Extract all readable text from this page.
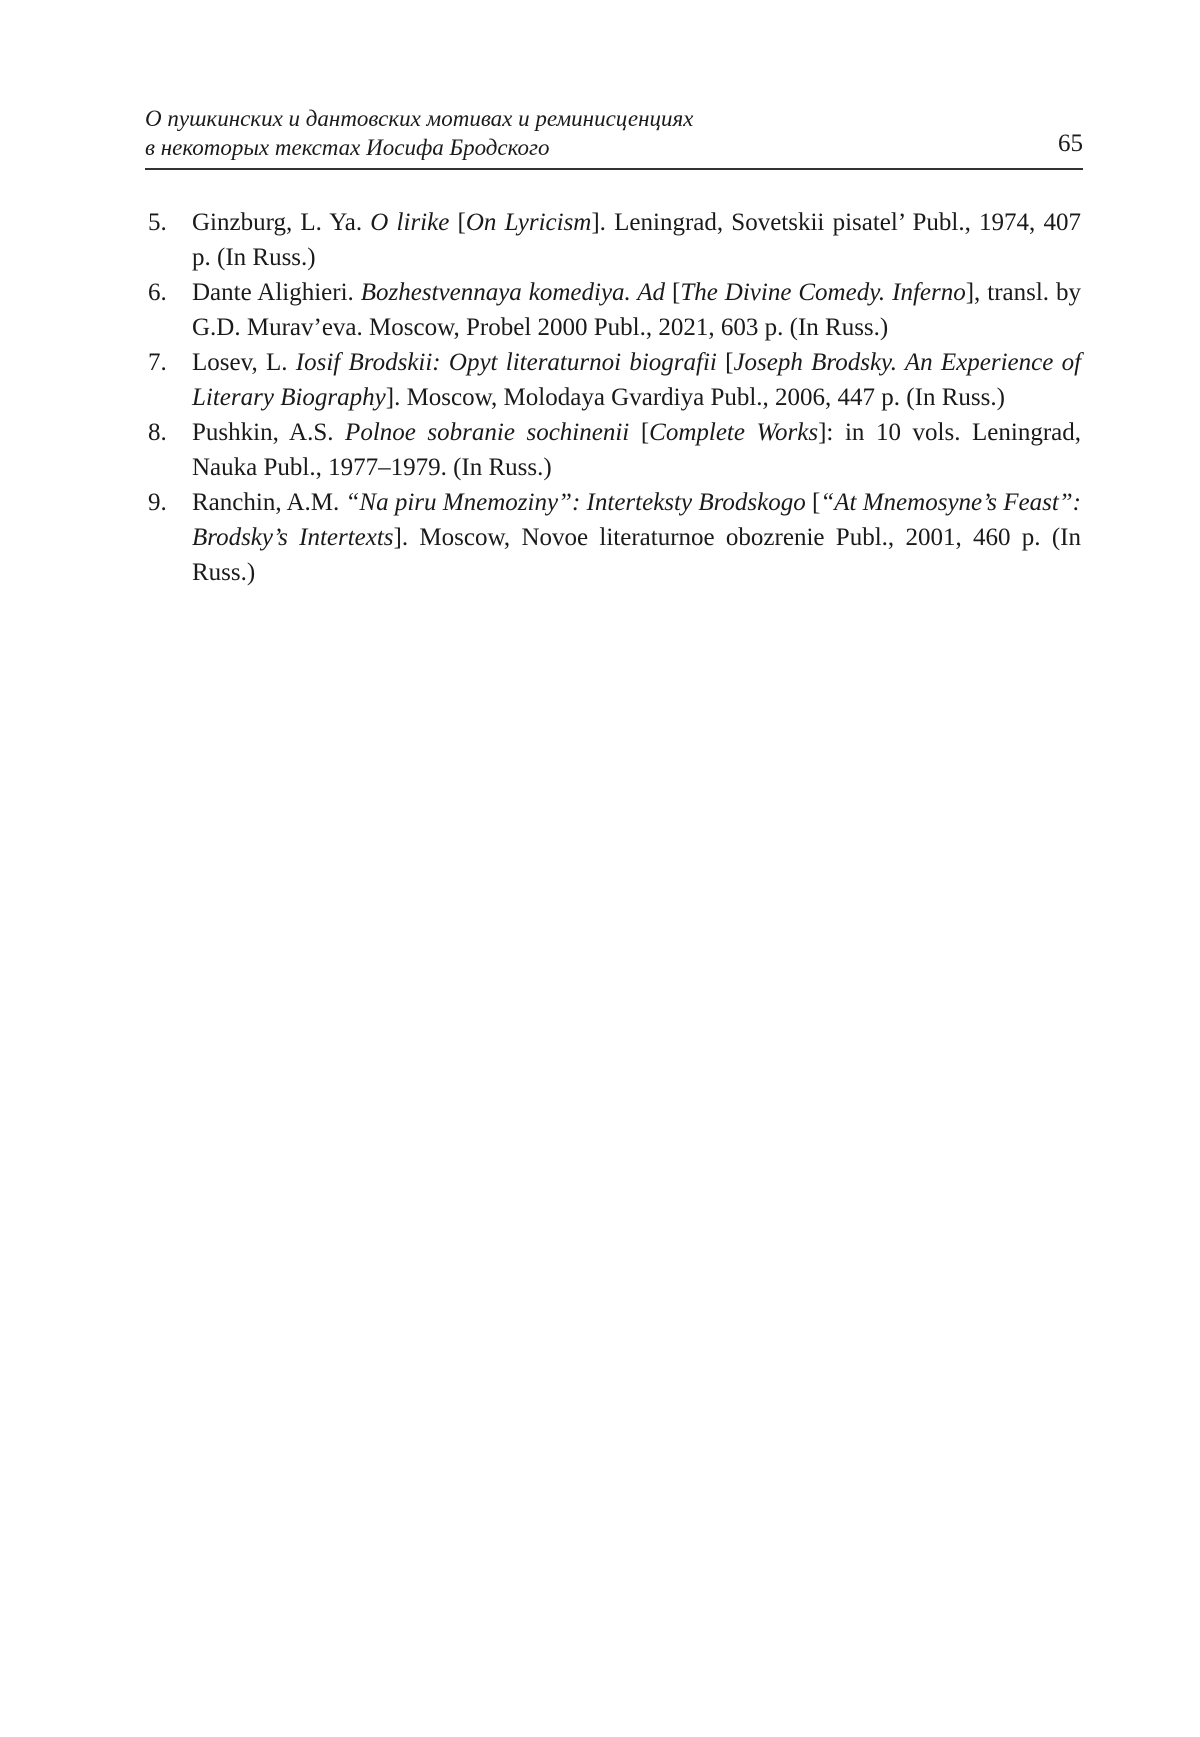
О пушкинских и дантовских мотивах и реминисценциях
в некоторых текстах Иосифа Бродского	65
5. Ginzburg, L. Ya. O lirike [On Lyricism]. Leningrad, Sovetskii pisatel’ Publ., 1974, 407 p. (In Russ.)
6. Dante Alighieri. Bozhestvennaya komediya. Ad [The Divine Comedy. Inferno], transl. by G.D. Murav’eva. Moscow, Probel 2000 Publ., 2021, 603 p. (In Russ.)
7. Losev, L. Iosif Brodskii: Opyt literaturnoi biografii [Joseph Brodsky. An Experience of Literary Biography]. Moscow, Molodaya Gvardiya Publ., 2006, 447 p. (In Russ.)
8. Pushkin, A.S. Polnoe sobranie sochinenii [Complete Works]: in 10 vols. Leningrad, Nauka Publ., 1977–1979. (In Russ.)
9. Ranchin, A.M. “Na piru Mnemoziny”: Interteksty Brodskogo [“At Mnemosyne’s Feast”: Brodsky’s Intertexts]. Moscow, Novoe literaturnoe obozrenie Publ., 2001, 460 p. (In Russ.)
